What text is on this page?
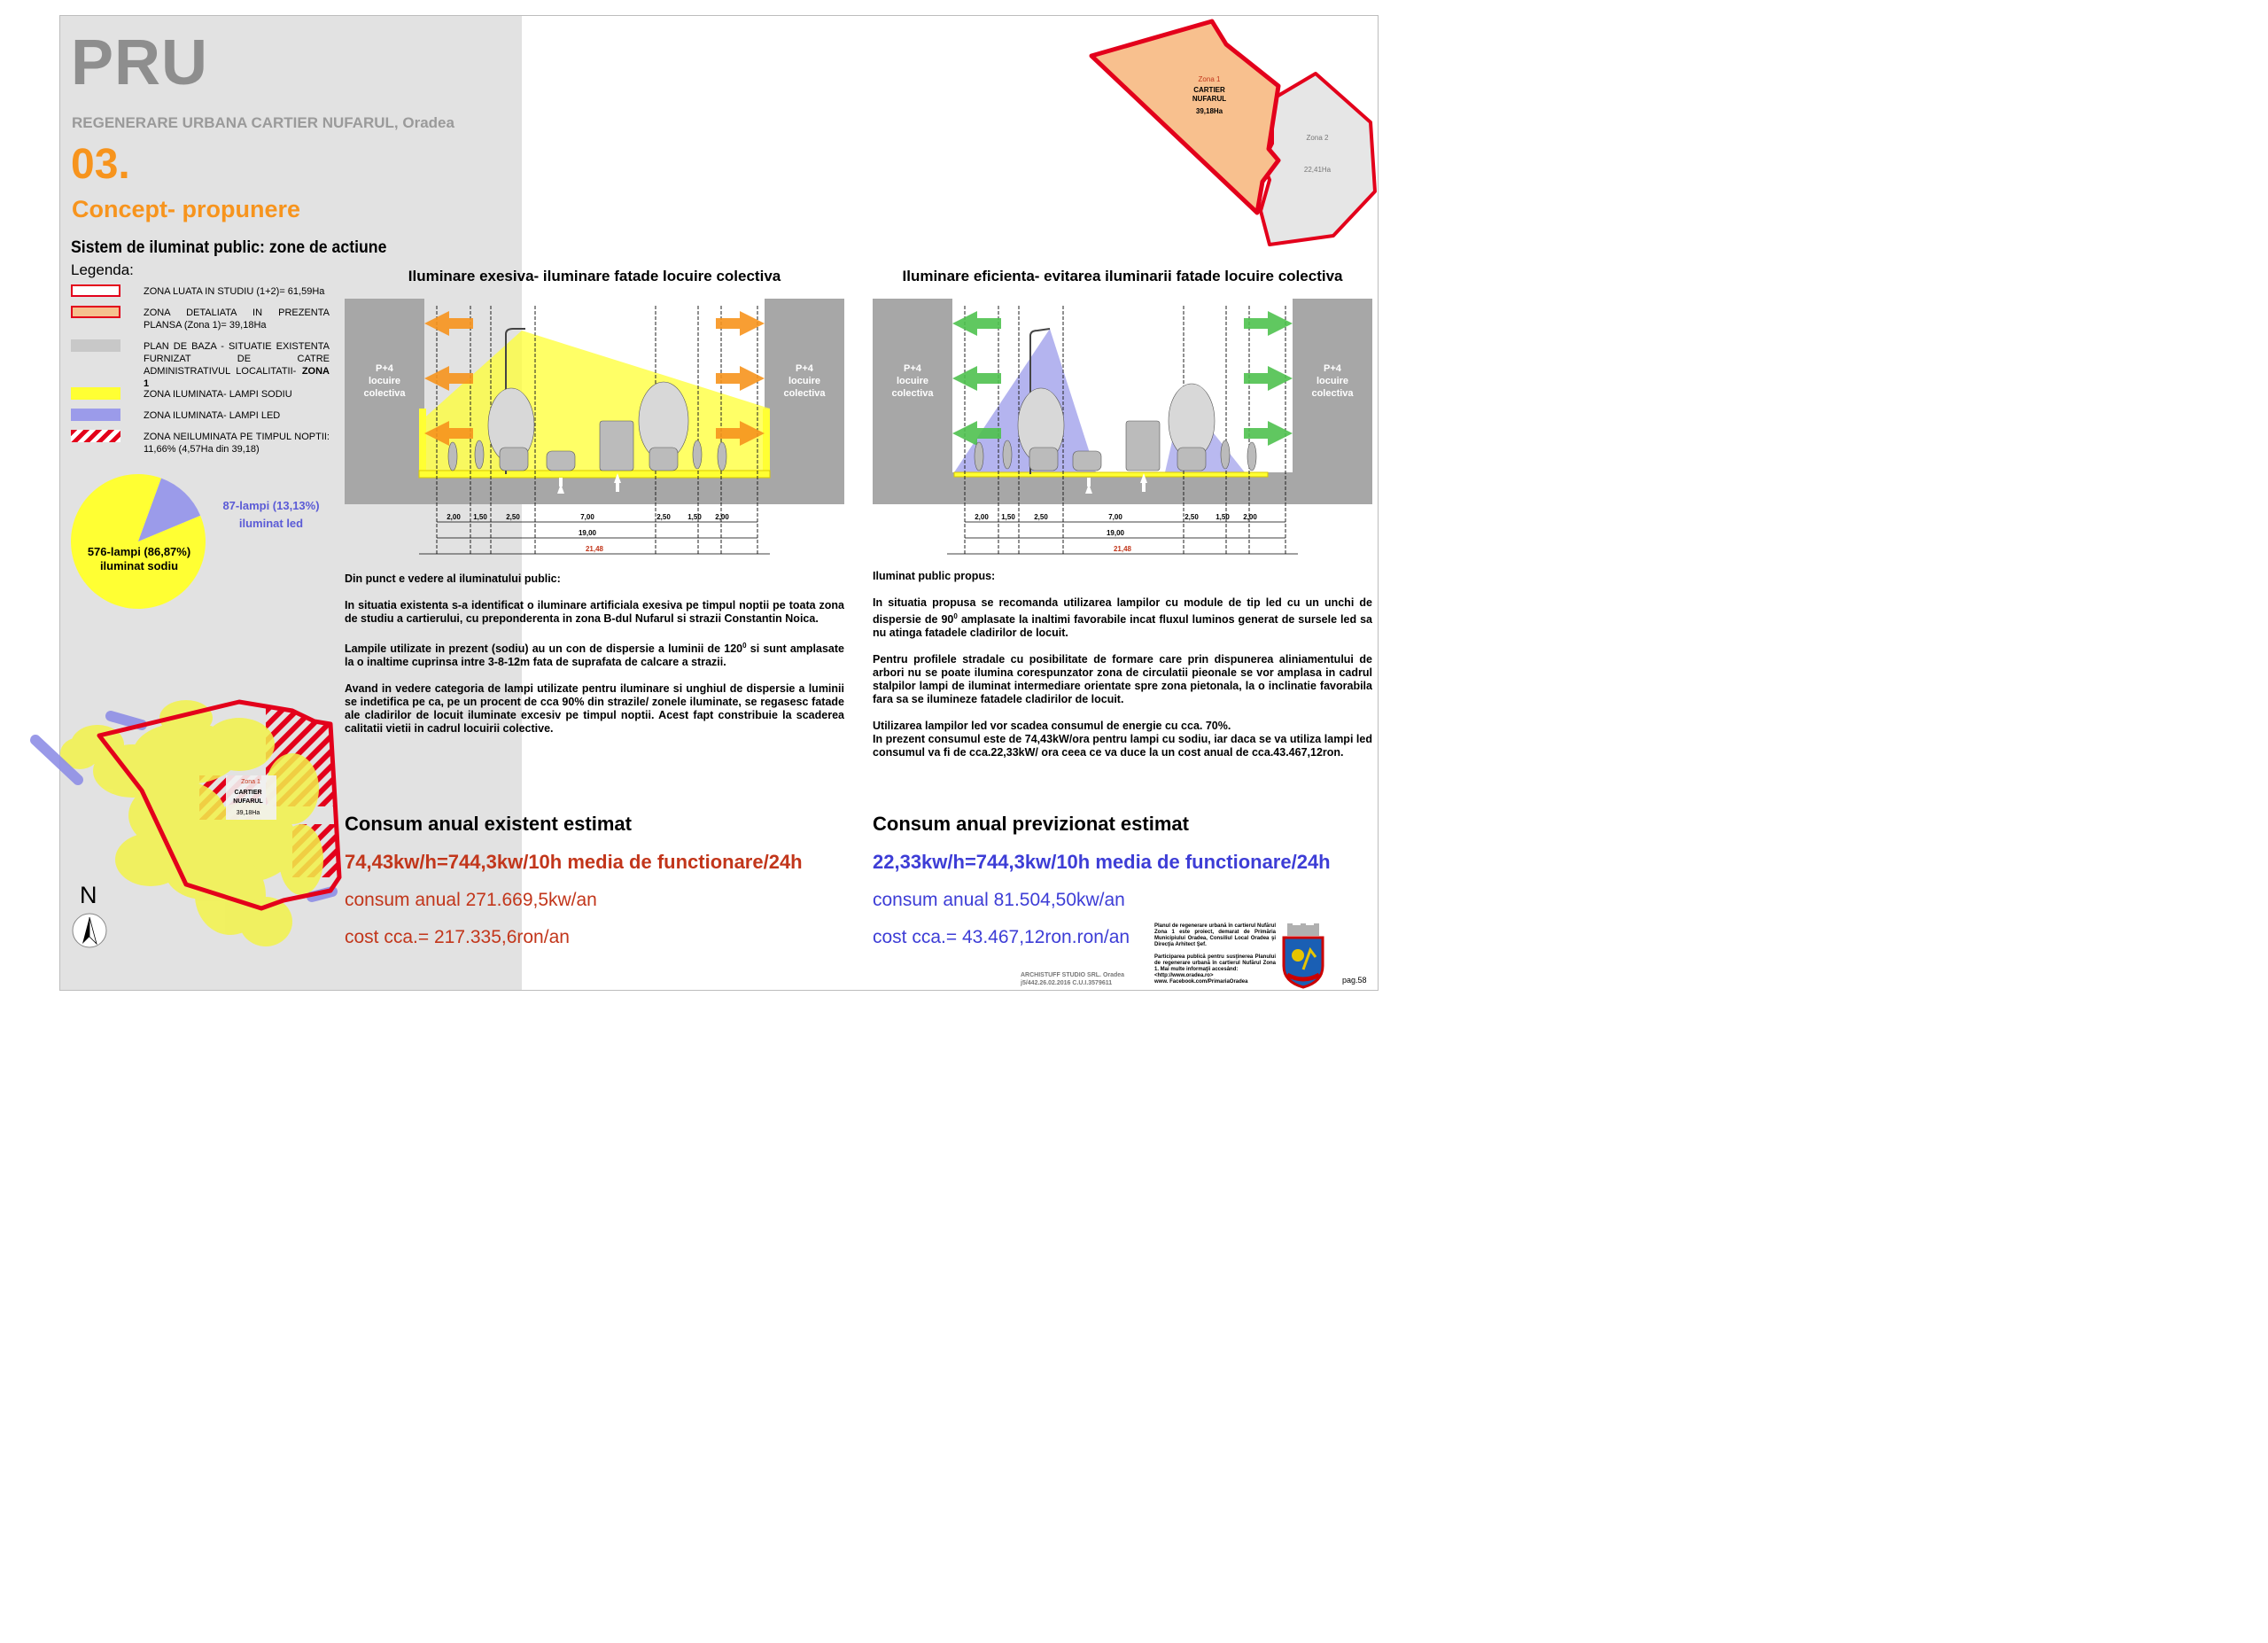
PRU
REGENERARE URBANA CARTIER NUFARUL, Oradea
03.
Concept- propunere
Sistem de iluminat public: zone de actiune
Legenda:
ZONA LUATA IN STUDIU (1+2)= 61,59Ha
ZONA DETALIATA IN PREZENTA PLANSA (Zona 1)= 39,18Ha
PLAN DE BAZA - SITUATIE EXISTENTA FURNIZAT DE CATRE ADMINISTRATIVUL LOCALITATII- ZONA 1
ZONA ILUMINATA- LAMPI SODIU
ZONA ILUMINATA- LAMPI LED
ZONA NEILUMINATA PE TIMPUL NOPTII: 11,66% (4,57Ha din 39,18)
576-lampi (86,87%)
iluminat sodiu
87-lampi (13,13%)
iluminat led
Zona 1
CARTIER
NUFARUL
39,18Ha
N
Zona 1
CARTIER
NUFARUL
39,18Ha
Zona 2
22,41Ha
Iluminare exesiva- iluminare fatade locuire colectiva	Iluminare eficienta- evitarea iluminarii fatade locuire colectiva
2,00 1,50	2,50	7,00	2,50 1,50 2,00
19,00
21,48
P+4
locuire
colectiva
P+4
locuire
colectiva
2,00 1,50	2,50	7,00	2,50 1,50 2,00
19,00
21,48
P+4
locuire
colectiva
P+4
locuire
colectiva

Din punct e vedere al iluminatului public:

In situatia existenta s-a identificat o iluminare artificiala exesiva pe timpul noptii pe toata zona de studiu a cartierului, cu preponderenta in zona B-dul Nufarul si strazii Constantin Noica.

Lampile utilizate in prezent (sodiu) au un con de dispersie a luminii de $120^0$ si sunt amplasate la o inaltime cuprinsa intre 3-8-12m fata de suprafata de calcare a strazii.

Avand in vedere categoria de lampi utilizate pentru iluminare si unghiul de dispersie a luminii se indetifica pe ca, pe un procent de cca 90% din strazile/ zonele iluminate, se regasesc fatade ale cladirilor de locuit iluminate excesiv pe timpul noptii. Acest fapt constribuie la scaderea calitatii vietii in cadrul locuirii colective.

Iluminat public propus:

In situatia propusa se recomanda utilizarea lampilor cu module de tip led cu un unchi de dispersie de $90^0$ amplasate la inaltimi favorabile incat fluxul luminos generat de sursele led sa nu atinga fatadele cladirilor de locuit.

Pentru profilele stradale cu posibilitate de formare care prin dispunerea aliniamentului de arbori nu se poate ilumina corespunzator zona de circulatii pieonale se vor amplasa in cadrul stalpilor lampi de iluminat intermediare orientate spre zona pietonala, la o inclinatie favorabila fara sa se ilumineze fatadele cladirilor de locuit.

Utilizarea lampilor led vor scadea consumul de energie cu cca. 70%.

In prezent consumul este de 74,43kW/ora pentru lampi cu sodiu, iar daca se va utiliza lampi led consumul va fi de cca.22,33kW/ ora ceea ce va duce la un cost anual de cca.43.467,12ron.

Consum anual existent estimat
74,43kw/h=744,3kw/10h media de functionare/24h
consum anual 271.669,5kw/an
cost cca.= 217.335,6ron/an
Consum anual previzionat estimat
22,33kw/h=744,3kw/10h media de functionare/24h
consum anual 81.504,50kw/an
cost cca.= 43.467,12ron.ron/an
ARCHISTUFF STUDIO SRL. Oradea
j5/442.26.02.2016 C.U.I.3579611
Planul de regenerare urbană în cartierul Nufărul Zona 1 este proiect, demarat de Primăria Municipiului Oradea, Consiliul Local Oradea şi Direcţia Arhitect Şef.
Participarea publică pentru susţinerea Planului de regenerare urbană în cartierul Nufărul Zona 1. Mai multe informaţii accesând:
<http://www.oradea.ro>
www. Facebook.com/PrimariaOradea	pag.58
